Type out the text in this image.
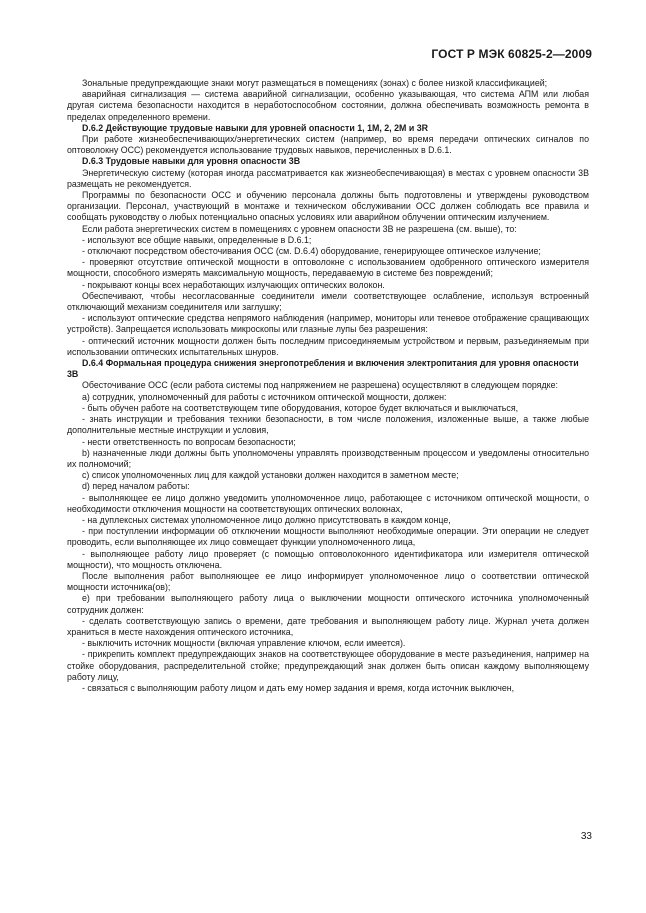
ГОСТ Р МЭК 60825-2—2009

Зональные предупреждающие знаки могут размещаться в помещениях (зонах) с более низкой классификацией;

аварийная сигнализация — система аварийной сигнализации, особенно указывающая, что система АПМ или любая другая система безопасности находится в неработоспособном состоянии, должна обеспечивать возможность ремонта в пределах определенного времени.

D.6.2 Действующие трудовые навыки для уровней опасности 1, 1М, 2, 2М и 3R

При работе жизнеобеспечивающих/энергетических систем (например, во время передачи оптических сигналов по оптоволокну ОСС) рекомендуется использование трудовых навыков, перечисленных в D.6.1.

D.6.3 Трудовые навыки для уровня опасности 3В

Энергетическую систему (которая иногда рассматривается как жизнеобеспечивающая) в местах с уровнем опасности 3В размещать не рекомендуется.

Программы по безопасности ОСС и обучению персонала должны быть подготовлены и утверждены руководством организации. Персонал, участвующий в монтаже и техническом обслуживании ОСС должен соблюдать все правила и сообщать руководству о любых потенциально опасных условиях или аварийном облучении оптическим излучением.

Если работа энергетических систем в помещениях с уровнем опасности 3В не разрешена (см. выше), то:

- используют все общие навыки, определенные в D.6.1;

- отключают посредством обесточивания ОСС (см. D.6.4) оборудование, генерирующее оптическое излучение;

- проверяют отсутствие оптической мощности в оптоволокне с использованием одобренного оптического измерителя мощности, способного измерять максимальную мощность, передаваемую в системе без повреждений;

- покрывают концы всех неработающих излучающих оптических волокон.

Обеспечивают, чтобы несогласованные соединители имели соответствующее ослабление, используя встроенный отключающий механизм соединителя или заглушку;

- используют оптические средства непрямого наблюдения (например, мониторы или теневое отображение сращивающих устройств). Запрещается использовать микроскопы или глазные лупы без разрешения:

- оптический источник мощности должен быть последним присоединяемым устройством и первым, разъединяемым при использовании оптических испытательных шнуров.

D.6.4 Формальная процедура снижения энергопотребления и включения электропитания для уровня опасности 3В

Обесточивание ОСС (если работа системы под напряжением не разрешена) осуществляют в следующем порядке:

а) сотрудник, уполномоченный для работы с источником оптической мощности, должен:

- быть обучен работе на соответствующем типе оборудования, которое будет включаться и выключаться,

- знать инструкции и требования техники безопасности, в том числе положения, изложенные выше, а также любые дополнительные местные инструкции и условия,

- нести ответственность по вопросам безопасности;

b) назначенные люди должны быть уполномочены управлять производственным процессом и уведомлены относительно их полномочий;

c) список уполномоченных лиц для каждой установки должен находится в заметном месте;

d) перед началом работы:

- выполняющее ее лицо должно уведомить уполномоченное лицо, работающее с источником оптической мощности, о необходимости отключения мощности на соответствующих оптических волокнах,

- на дуплексных системах уполномоченное лицо должно присутствовать в каждом конце,

- при поступлении информации об отключении мощности выполняют необходимые операции. Эти операции не следует проводить, если выполняющее их лицо совмещает функции уполномоченного лица,

- выполняющее работу лицо проверяет (с помощью оптоволоконного идентификатора или измерителя оптической мощности), что мощность отключена.

После выполнения работ выполняющее ее лицо информирует уполномоченное лицо о соответствии оптической мощности источника(ов);

e) при требовании выполняющего работу лица о выключении мощности оптического источника уполномоченный сотрудник должен:

- сделать соответствующую запись о времени, дате требования и выполняющем работу лице. Журнал учета должен храниться в месте нахождения оптического источника,

- выключить источник мощности (включая управление ключом, если имеется).

- прикрепить комплект предупреждающих знаков на соответствующее оборудование в месте разъединения, например на стойке оборудования, распределительной стойке; предупреждающий знак должен быть описан каждому выполняющему работу лицу,

- связаться с выполняющим работу лицом и дать ему номер задания и время, когда источник выключен,

33
